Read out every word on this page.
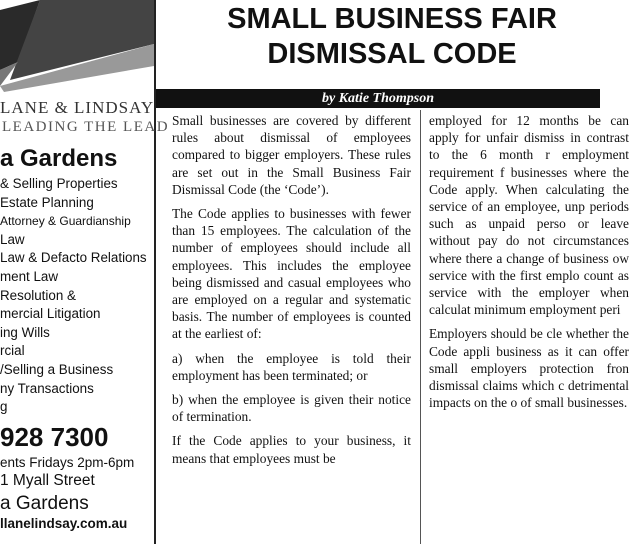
LANE & LINDSAY
LEADING THE LEAD
a Gardens
& Selling Properties
Estate Planning
Attorney & Guardianship
Law
Law & Defacto Relations
ment Law
Resolution &
mercial Litigation
ing Wills
rcial
/Selling a Business
ny Transactions
g
928 7300
ents Fridays 2pm-6pm
1 Myall Street
a Gardens
llanelindsay.com.au
SMALL BUSINESS FAIR
DISMISSAL CODE
by Katie Thompson

Small businesses are covered by different rules about dismissal of employees compared to bigger employers. These rules are set out in the Small Business Fair Dismissal Code (the ‘Code’).

The Code applies to businesses with fewer than 15 employees. The calculation of the number of employees should include all employees. This includes the employee being dismissed and casual employees who are employed on a regular and systematic basis. The number of employees is counted at the earliest of:

a) when the employee is told their employment has been terminated; or

b) when the employee is given their notice of termination.

If the Code applies to your business, it means that employees must be

employed for 12 months be can apply for unfair dismiss in contrast to the 6 month r employment requirement f businesses where the Code apply. When calculating the service of an employee, unp periods such as unpaid perso or leave without pay do not circumstances where there a change of business ow service with the first emplo count as service with the employer when calculat minimum employment peri

Employers should be cle whether the Code appli business as it can offer small employers protection fron dismissal claims which c detrimental impacts on the o of small businesses.
